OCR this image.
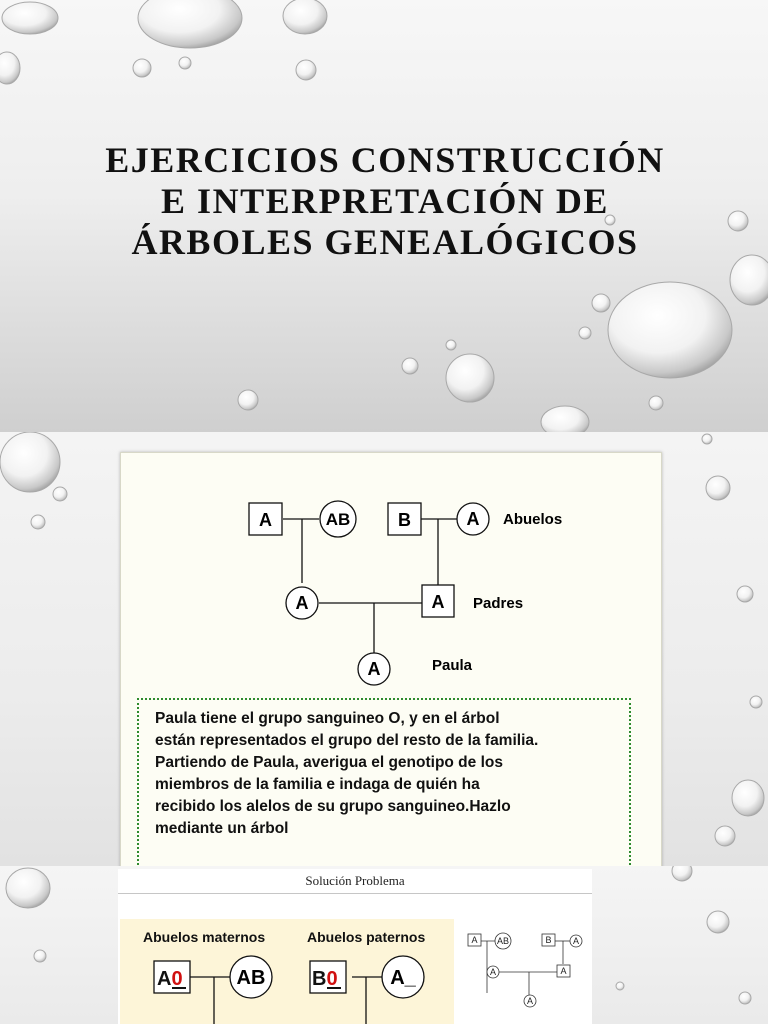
EJERCICIOS CONSTRUCCIÓN
E INTERPRETACIÓN DE
ÁRBOLES GENEALÓGICOS
A	AB	B	A Abuelos
A	A Padres
A	Paula
Paula tiene el grupo sanguineo O, y en el árbol
están representados el grupo del resto de la familia.
Partiendo de Paula, averigua el genotipo de los
miembros de la familia e indaga de quién ha
recibido los alelos de su grupo sanguineo.Hazlo
mediante un árbol
Solución Problema
Abuelos maternos	Abuelos paternos
A0	AB B0	A_
A AB	B A
A	A
A
